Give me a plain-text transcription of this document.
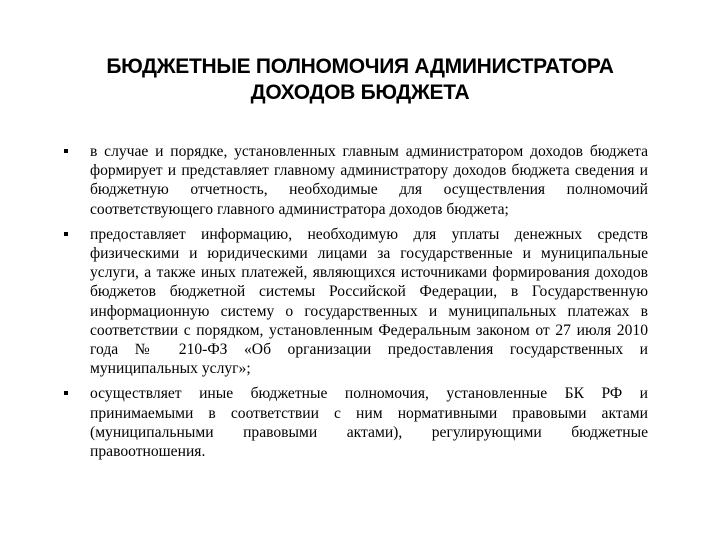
БЮДЖЕТНЫЕ ПОЛНОМОЧИЯ АДМИНИСТРАТОРА
ДОХОДОВ БЮДЖЕТА
в случае и порядке, установленных главным администратором доходов бюджета формирует и представляет главному администратору доходов бюджета сведения и бюджетную отчетность, необходимые для осуществления полномочий соответствующего главного администратора доходов бюджета;
предоставляет информацию, необходимую для уплаты денежных средств физическими и юридическими лицами за государственные и муниципальные услуги, а также иных платежей, являющихся источниками формирования доходов бюджетов бюджетной системы Российской Федерации, в Государственную информационную систему о государственных и муниципальных платежах в соответствии с порядком, установленным Федеральным законом от 27 июля 2010 года № 210-ФЗ «Об организации предоставления государственных и муниципальных услуг»;
осуществляет иные бюджетные полномочия, установленные БК РФ и принимаемыми в соответствии с ним нормативными правовыми актами (муниципальными правовыми актами), регулирующими бюджетные правоотношения.
